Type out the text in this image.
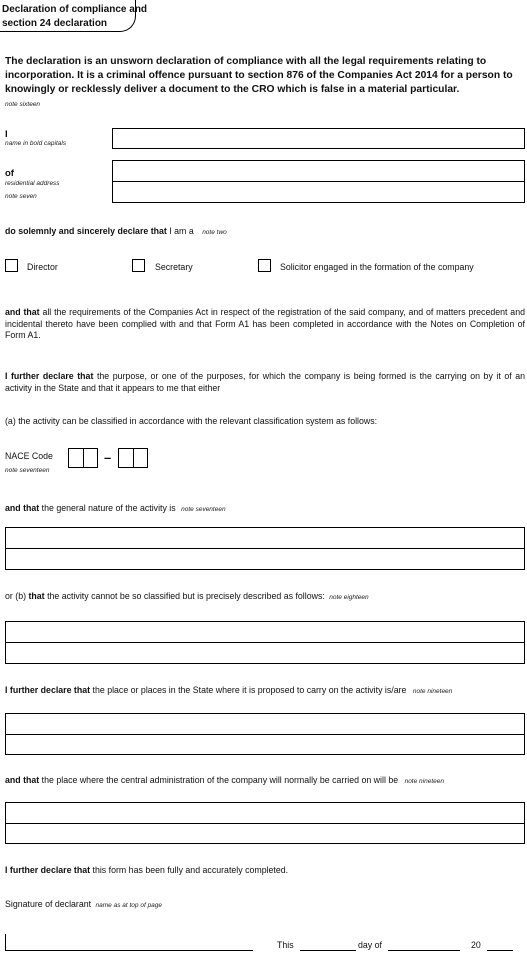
Declaration of compliance and
section 24 declaration
The declaration is an unsworn declaration of compliance with all the legal requirements relating to incorporation. It is a criminal offence pursuant to section 876 of the Companies Act 2014 for a person to knowingly or recklessly deliver a document to the CRO which is false in a material particular.
note sixteen
I
name in bold capitals
of
residential address
note seven
do solemnly and sincerely declare that I am a note two
Director	Secretary	Solicitor engaged in the formation of the company
and that all the requirements of the Companies Act in respect of the registration of the said company, and of matters precedent and incidental thereto have been complied with and that Form A1 has been completed in accordance with the Notes on Completion of Form A1.
I further declare that the purpose, or one of the purposes, for which the company is being formed is the carrying on by it of an activity in the State and that it appears to me that either
(a) the activity can be classified in accordance with the relevant classification system as follows:
NACE Code
note seventeen
–
and that the general nature of the activity is note seventeen
or (b) that the activity cannot be so classified but is precisely described as follows: note eighteen
I further declare that the place or places in the State where it is proposed to carry on the activity is/are note nineteen
and that the place where the central administration of the company will normally be carried on will be note nineteen
I further declare that this form has been fully and accurately completed.
Signature of declarant name as at top of page
This	day of	20
